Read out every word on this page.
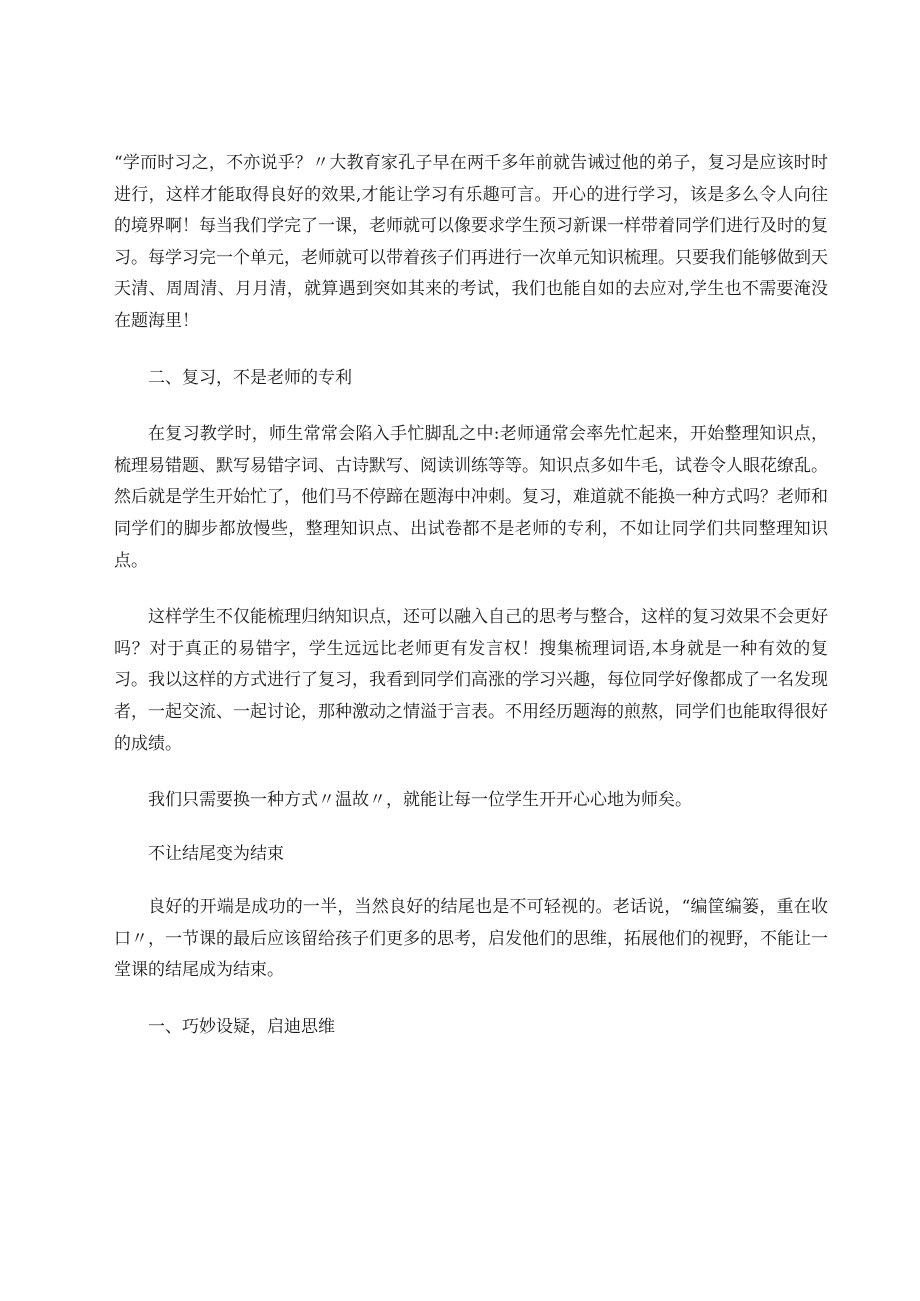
“学而时习之，不亦说乎？〃大教育家孔子早在两千多年前就告诫过他的弟子，复习是应该时时进行，这样才能取得良好的效果,才能让学习有乐趣可言。开心的进行学习，该是多么令人向往的境界啊！每当我们学完了一课，老师就可以像要求学生预习新课一样带着同学们进行及时的复习。每学习完一个单元，老师就可以带着孩子们再进行一次单元知识梳理。只要我们能够做到天天清、周周清、月月清，就算遇到突如其来的考试，我们也能自如的去应对,学生也不需要淹没在题海里！

二、复习，不是老师的专利

在复习教学时，师生常常会陷入手忙脚乱之中:老师通常会率先忙起来，开始整理知识点，梳理易错题、默写易错字词、古诗默写、阅读训练等等。知识点多如牛毛，试卷令人眼花缭乱。然后就是学生开始忙了，他们马不停蹄在题海中冲刺。复习，难道就不能换一种方式吗？老师和同学们的脚步都放慢些，整理知识点、出试卷都不是老师的专利，不如让同学们共同整理知识点。

这样学生不仅能梳理归纳知识点，还可以融入自己的思考与整合，这样的复习效果不会更好吗？对于真正的易错字，学生远远比老师更有发言权！搜集梳理词语,本身就是一种有效的复习。我以这样的方式进行了复习，我看到同学们高涨的学习兴趣，每位同学好像都成了一名发现者，一起交流、一起讨论，那种激动之情溢于言表。不用经历题海的煎熬，同学们也能取得很好的成绩。

我们只需要换一种方式〃温故〃，就能让每一位学生开开心心地为师矣。

不让结尾变为结束

良好的开端是成功的一半，当然良好的结尾也是不可轻视的。老话说，“编筐编篓，重在收口〃，一节课的最后应该留给孩子们更多的思考，启发他们的思维，拓展他们的视野，不能让一堂课的结尾成为结束。

一、巧妙设疑，启迪思维
